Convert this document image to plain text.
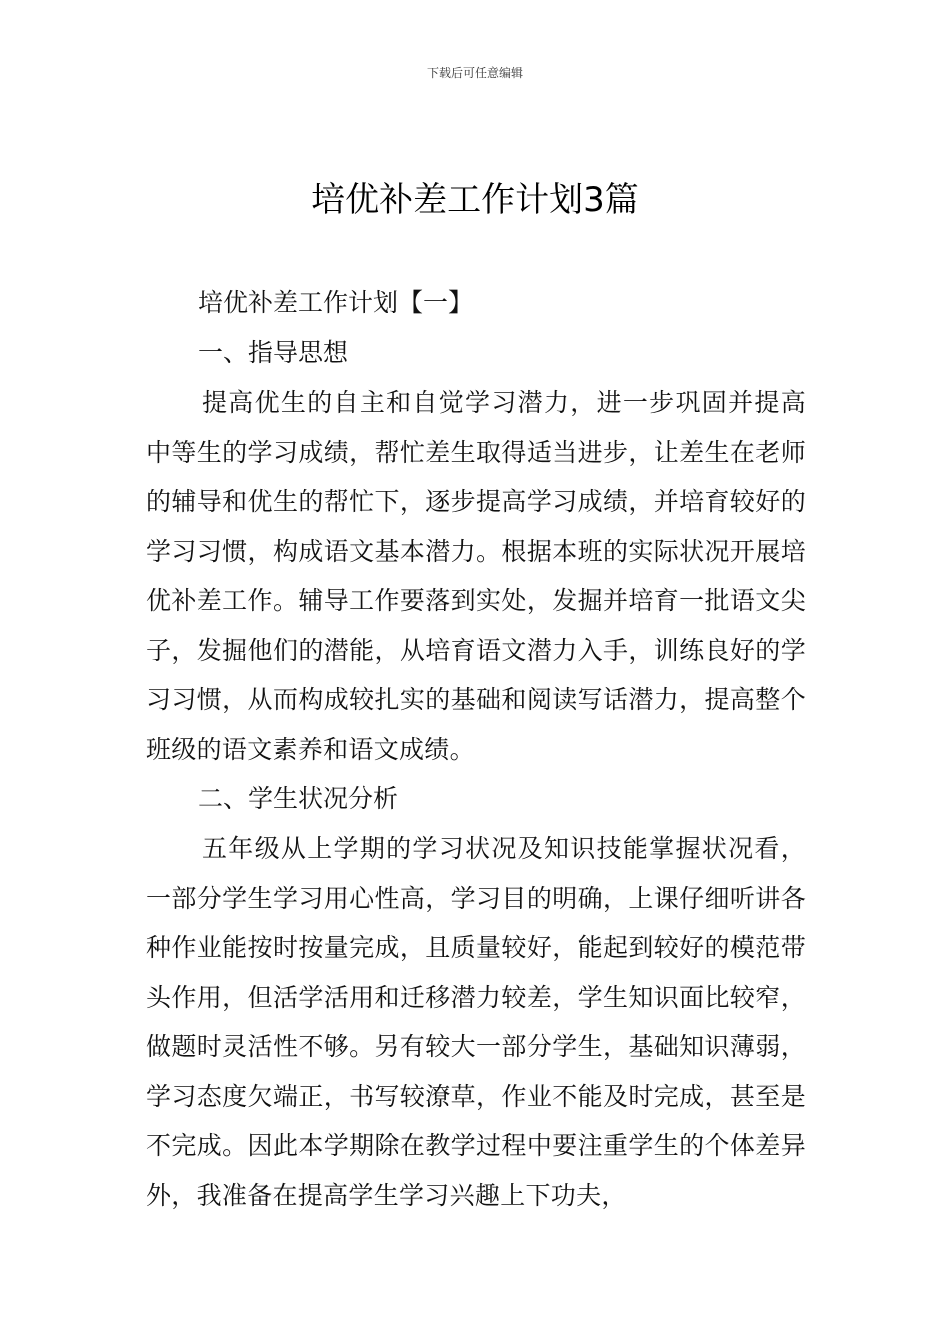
下载后可任意编辑
培优补差工作计划3篇

培优补差工作计划【一】

一、指导思想

提高优生的自主和自觉学习潜力，进一步巩固并提高中等生的学习成绩，帮忙差生取得适当进步，让差生在老师的辅导和优生的帮忙下，逐步提高学习成绩，并培育较好的学习习惯，构成语文基本潜力。根据本班的实际状况开展培优补差工作。辅导工作要落到实处，发掘并培育一批语文尖子，发掘他们的潜能，从培育语文潜力入手，训练良好的学习习惯，从而构成较扎实的基础和阅读写话潜力，提高整个班级的语文素养和语文成绩。

二、学生状况分析

五年级从上学期的学习状况及知识技能掌握状况看，一部分学生学习用心性高，学习目的明确，上课仔细听讲各种作业能按时按量完成，且质量较好，能起到较好的模范带头作用，但活学活用和迁移潜力较差，学生知识面比较窄，做题时灵活性不够。另有较大一部分学生，基础知识薄弱，学习态度欠端正，书写较潦草，作业不能及时完成，甚至是不完成。因此本学期除在教学过程中要注重学生的个体差异外，我准备在提高学生学习兴趣上下功夫，
